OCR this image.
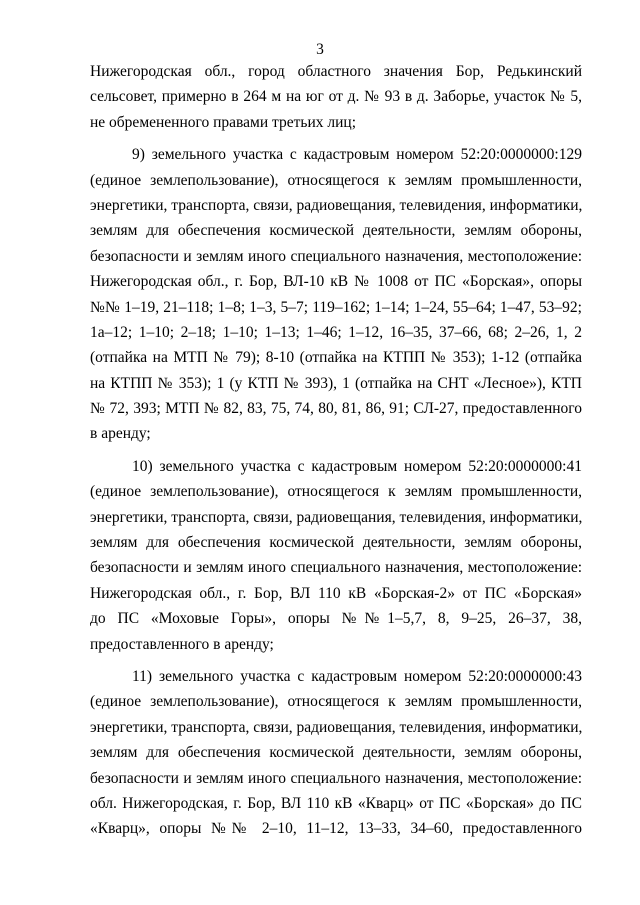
3
Нижегородская обл., город областного значения Бор, Редькинский
сельсовет, примерно в 264 м на юг от д. № 93 в д. Заборье, участок № 5,
не обремененного правами третьих лиц;
9) земельного участка с кадастровым номером 52:20:0000000:129
(единое землепользование), относящегося к землям промышленности,
энергетики, транспорта, связи, радиовещания, телевидения, информатики,
землям для обеспечения космической деятельности, землям обороны,
безопасности и землям иного специального назначения, местоположение:
Нижегородская обл., г. Бор, ВЛ-10 кВ № 1008 от ПС «Борская», опоры
№№ 1–19, 21–118; 1–8; 1–3, 5–7; 119–162; 1–14; 1–24, 55–64; 1–47, 53–92;
1а–12; 1–10; 2–18; 1–10; 1–13; 1–46; 1–12, 16–35, 37–66, 68; 2–26, 1, 2
(отпайка на МТП № 79); 8-10 (отпайка на КТПП № 353); 1-12 (отпайка
на КТПП № 353); 1 (у КТП № 393), 1 (отпайка на СНТ «Лесное»), КТП
№ 72, 393; МТП № 82, 83, 75, 74, 80, 81, 86, 91; СЛ-27, предоставленного
в аренду;
10) земельного участка с кадастровым номером 52:20:0000000:41
(единое землепользование), относящегося к землям промышленности,
энергетики, транспорта, связи, радиовещания, телевидения, информатики,
землям для обеспечения космической деятельности, землям обороны,
безопасности и землям иного специального назначения, местоположение:
Нижегородская обл., г. Бор, ВЛ 110 кВ «Борская-2» от ПС «Борская»
до ПС «Моховые Горы», опоры №№1–5,7, 8, 9–25, 26–37, 38,
предоставленного в аренду;
11) земельного участка с кадастровым номером 52:20:0000000:43
(единое землепользование), относящегося к землям промышленности,
энергетики, транспорта, связи, радиовещания, телевидения, информатики,
землям для обеспечения космической деятельности, землям обороны,
безопасности и землям иного специального назначения, местоположение:
обл. Нижегородская, г. Бор, ВЛ 110 кВ «Кварц» от ПС «Борская» до ПС
«Кварц», опоры №№ 2–10, 11–12, 13–33, 34–60, предоставленного
